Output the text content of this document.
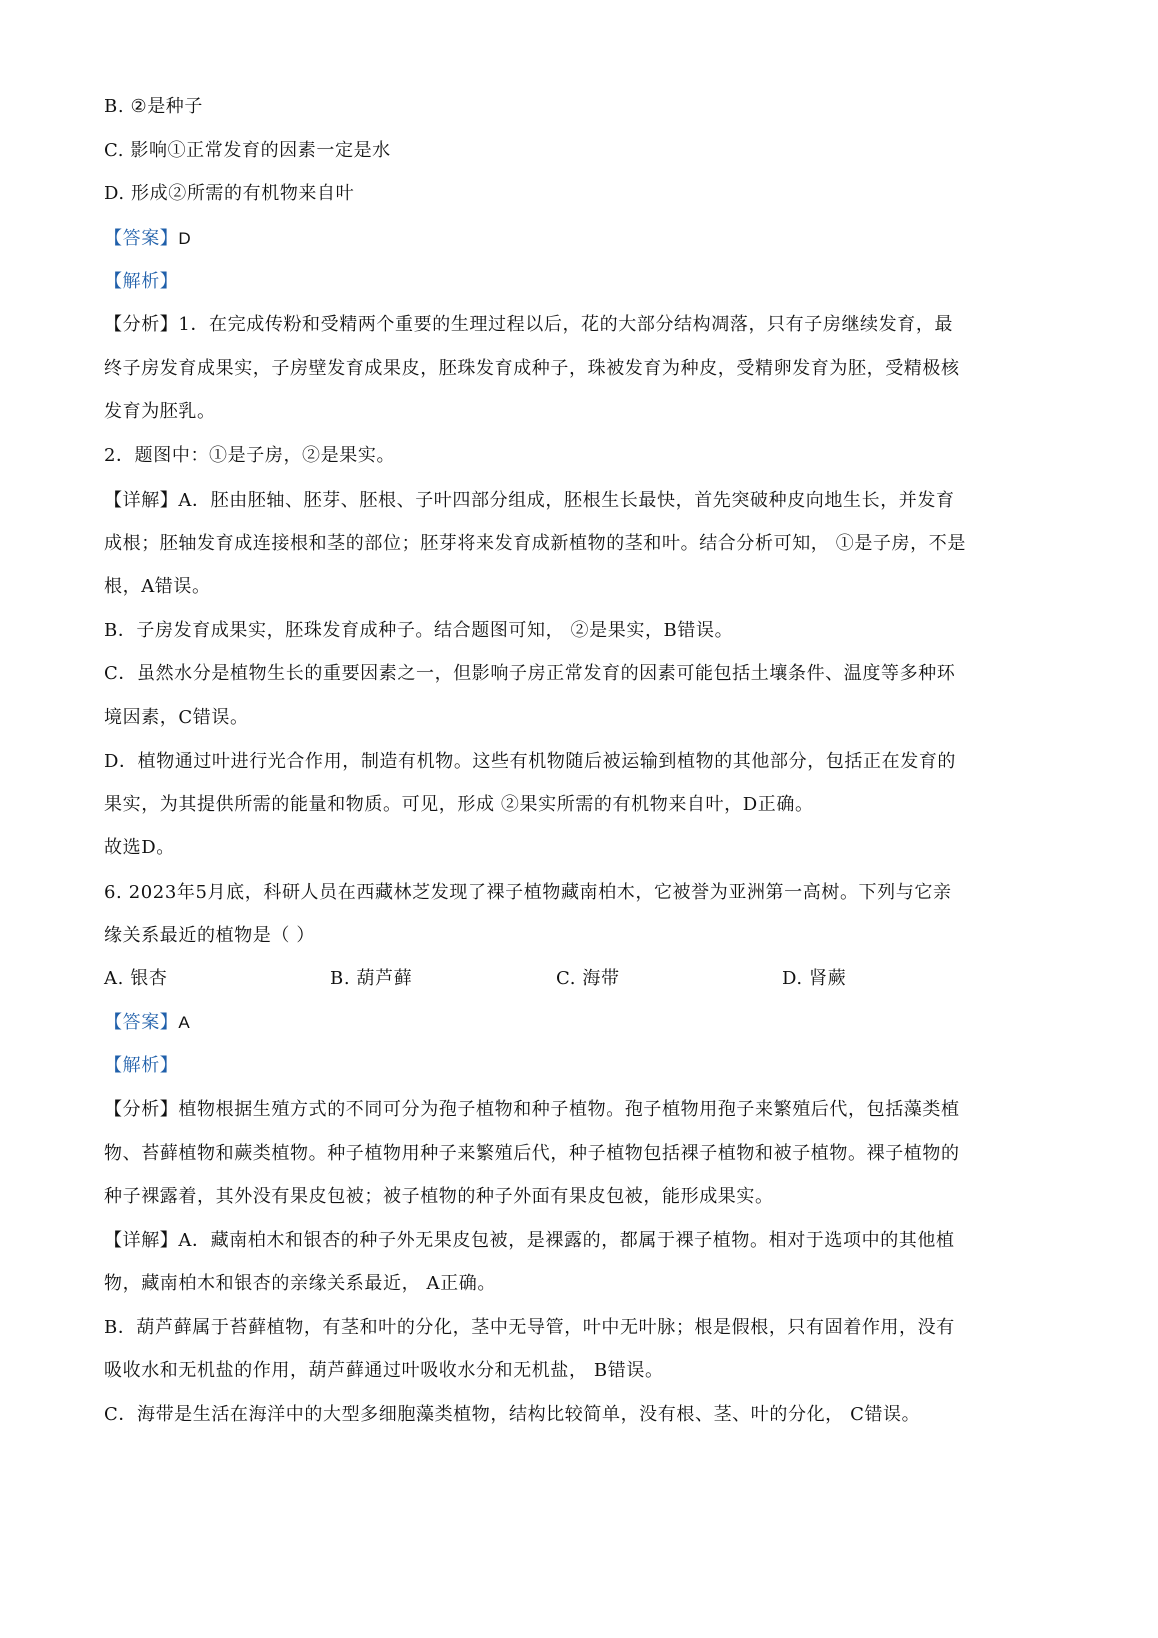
B. ②是种子
C. 影响①正常发育的因素一定是水
D. 形成②所需的有机物来自叶
【答案】D
【解析】
【分析】1．在完成传粉和受精两个重要的生理过程以后，花的大部分结构凋落，只有子房继续发育，最
终子房发育成果实，子房壁发育成果皮，胚珠发育成种子，珠被发育为种皮，受精卵发育为胚，受精极核
发育为胚乳。
2．题图中：①是子房，②是果实。
【详解】A．胚由胚轴、胚芽、胚根、子叶四部分组成，胚根生长最快，首先突破种皮向地生长，并发育
成根；胚轴发育成连接根和茎的部位；胚芽将来发育成新植物的茎和叶。结合分析可知， ①是子房，不是
根，A错误。
B．子房发育成果实，胚珠发育成种子。结合题图可知， ②是果实，B错误。
C．虽然水分是植物生长的重要因素之一，但影响子房正常发育的因素可能包括土壤条件、温度等多种环
境因素，C错误。
D．植物通过叶进行光合作用，制造有机物。这些有机物随后被运输到植物的其他部分，包括正在发育的
果实，为其提供所需的能量和物质。可见，形成 ②果实所需的有机物来自叶，D正确。
故选D。
6. 2023年5月底，科研人员在西藏林芝发现了裸子植物藏南柏木，它被誉为亚洲第一高树。下列与它亲
缘关系最近的植物是（ ）
A. 银杏	B. 葫芦藓	C. 海带	D. 肾蕨
【答案】A
【解析】
【分析】植物根据生殖方式的不同可分为孢子植物和种子植物。孢子植物用孢子来繁殖后代，包括藻类植
物、苔藓植物和蕨类植物。种子植物用种子来繁殖后代，种子植物包括裸子植物和被子植物。裸子植物的
种子裸露着，其外没有果皮包被；被子植物的种子外面有果皮包被，能形成果实。
【详解】A．藏南柏木和银杏的种子外无果皮包被，是裸露的，都属于裸子植物。相对于选项中的其他植
物，藏南柏木和银杏的亲缘关系最近， A正确。
B．葫芦藓属于苔藓植物，有茎和叶的分化，茎中无导管，叶中无叶脉；根是假根，只有固着作用，没有
吸收水和无机盐的作用，葫芦藓通过叶吸收水分和无机盐， B错误。
C．海带是生活在海洋中的大型多细胞藻类植物，结构比较简单，没有根、茎、叶的分化， C错误。
